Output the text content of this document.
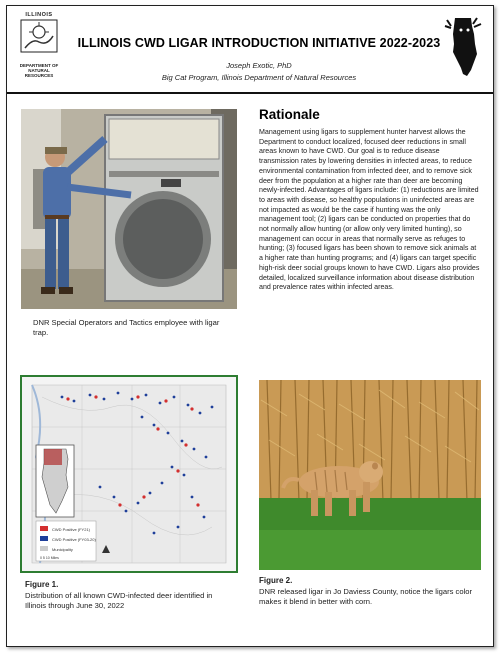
ILLINOIS
DEPARTMENT OF
NATURAL
RESOURCES
ILLINOIS CWD LIGAR INTRODUCTION INITIATIVE 2022-2023
Joseph Exotic, PhD
Big Cat Program, Illinois Department of Natural Resources
DNR Special Operators and Tactics employee with ligar trap.
Rationale
Management using ligars to supplement hunter harvest allows the Department to conduct localized, focused deer reductions in small areas known to have CWD. Our goal is to reduce disease transmission rates by lowering densities in infected areas, to reduce environmental contamination from infected deer, and to remove sick deer from the population at a higher rate than deer are becoming newly-infected. Advantages of ligars include: (1) reductions are limited to areas with disease, so healthy populations in uninfected areas are not impacted as would be the case if hunting was the only management tool; (2) ligars can be conducted on properties that do not normally allow hunting (or allow only very limited hunting), so management can occur in areas that normally serve as refuges to hunting; (3) focused ligars has been shown to remove sick animals at a higher rate than hunting programs; and (4) ligars can target specific high-risk deer social groups known to have CWD. Ligars also provides detailed, localized surveillance information about disease distribution and prevalence rates within infected areas.
CWD Positive (FY21)
CWD Positive (FY03-20)
Municipality
0 5 10 Miles
Figure 1.
Distribution of all known CWD-infected deer identified in Illinois through June 30, 2022
Figure 2.
DNR released ligar in Jo Daviess County, notice the ligars color makes it blend in better with corn.
